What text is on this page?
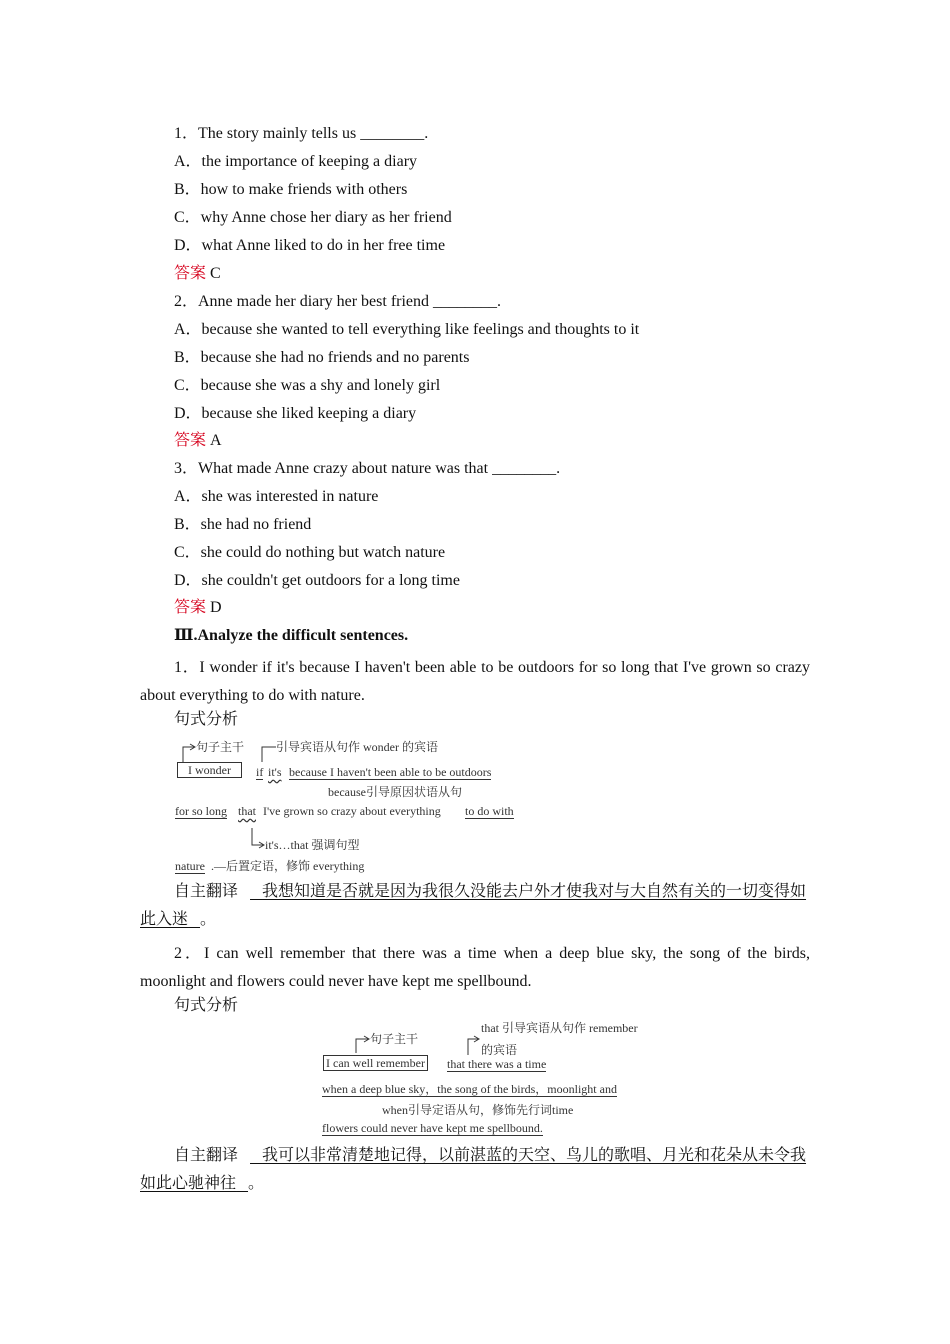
1．The story mainly tells us ________.
A．the importance of keeping a diary
B．how to make friends with others
C．why Anne chose her diary as her friend
D．what Anne liked to do in her free time
答案 C
2．Anne made her diary her best friend ________.
A．because she wanted to tell everything like feelings and thoughts to it
B．because she had no friends and no parents
C．because she was a shy and lonely girl
D．because she liked keeping a diary
答案 A
3．What made Anne crazy about nature was that ________.
A．she was interested in nature
B．she had no friend
C．she could do nothing but watch nature
D．she couldn't get outdoors for a long time
答案 D
Ⅲ.Analyze the difficult sentences.
1．I wonder if it's because I haven't been able to be outdoors for so long that I've grown so crazy about everything to do with nature.
句式分析
句子主干	引导宾语从句作 wonder 的宾语
I wonder	if it's because I haven't been able to be outdoors
because引导原因状语从句
for so long that I've grown so crazy about everything to do with
it's…that 强调句型
nature .—后置定语，修饰 everything
自主翻译 我想知道是否就是因为我很久没能去户外才使我对与大自然有关的一切变得如此入迷 。
2．I can well remember that there was a time when a deep blue sky, the song of the birds, moonlight and flowers could never have kept me spellbound.
句式分析
句子主干
that 引导宾语从句作 remember
的宾语
I can well remember that there was a time
when a deep blue sky，the song of the birds，moonlight and
when引导定语从句，修饰先行词time
flowers could never have kept me spellbound.
自主翻译 我可以非常清楚地记得，以前湛蓝的天空、鸟儿的歌唱、月光和花朵从未令我如此心驰神往 。
